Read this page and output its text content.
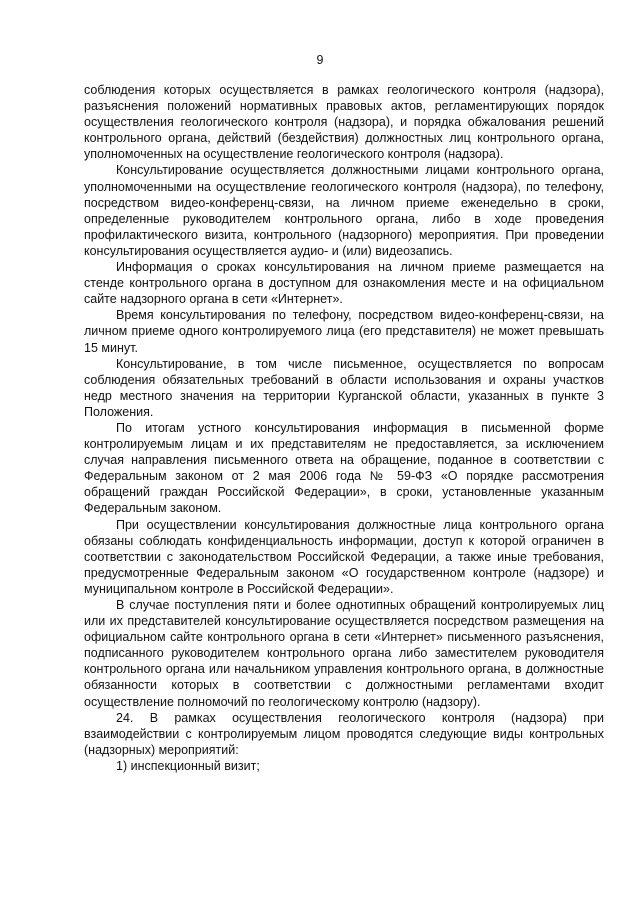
9

соблюдения которых осуществляется в рамках геологического контроля (надзора), разъяснения положений нормативных правовых актов, регламентирующих порядок осуществления геологического контроля (надзора), и порядка обжалования решений контрольного органа, действий (бездействия) должностных лиц контрольного органа, уполномоченных на осуществление геологического контроля (надзора).

Консультирование осуществляется должностными лицами контрольного органа, уполномоченными на осуществление геологического контроля (надзора), по телефону, посредством видео-конференц-связи, на личном приеме еженедельно в сроки, определенные руководителем контрольного органа, либо в ходе проведения профилактического визита, контрольного (надзорного) мероприятия. При проведении консультирования осуществляется аудио- и (или) видеозапись.

Информация о сроках консультирования на личном приеме размещается на стенде контрольного органа в доступном для ознакомления месте и на официальном сайте надзорного органа в сети «Интернет».

Время консультирования по телефону, посредством видео-конференц-связи, на личном приеме одного контролируемого лица (его представителя) не может превышать 15 минут.

Консультирование, в том числе письменное, осуществляется по вопросам соблюдения обязательных требований в области использования и охраны участков недр местного значения на территории Курганской области, указанных в пункте 3 Положения.

По итогам устного консультирования информация в письменной форме контролируемым лицам и их представителям не предоставляется, за исключением случая направления письменного ответа на обращение, поданное в соответствии с Федеральным законом от 2 мая 2006 года № 59-ФЗ «О порядке рассмотрения обращений граждан Российской Федерации», в сроки, установленные указанным Федеральным законом.

При осуществлении консультирования должностные лица контрольного органа обязаны соблюдать конфиденциальность информации, доступ к которой ограничен в соответствии с законодательством Российской Федерации, а также иные требования, предусмотренные Федеральным законом «О государственном контроле (надзоре) и муниципальном контроле в Российской Федерации».

В случае поступления пяти и более однотипных обращений контролируемых лиц или их представителей консультирование осуществляется посредством размещения на официальном сайте контрольного органа в сети «Интернет» письменного разъяснения, подписанного руководителем контрольного органа либо заместителем руководителя контрольного органа или начальником управления контрольного органа, в должностные обязанности которых в соответствии с должностными регламентами входит осуществление полномочий по геологическому контролю (надзору).

24. В рамках осуществления геологического контроля (надзора) при взаимодействии с контролируемым лицом проводятся следующие виды контрольных (надзорных) мероприятий:

1) инспекционный визит;
